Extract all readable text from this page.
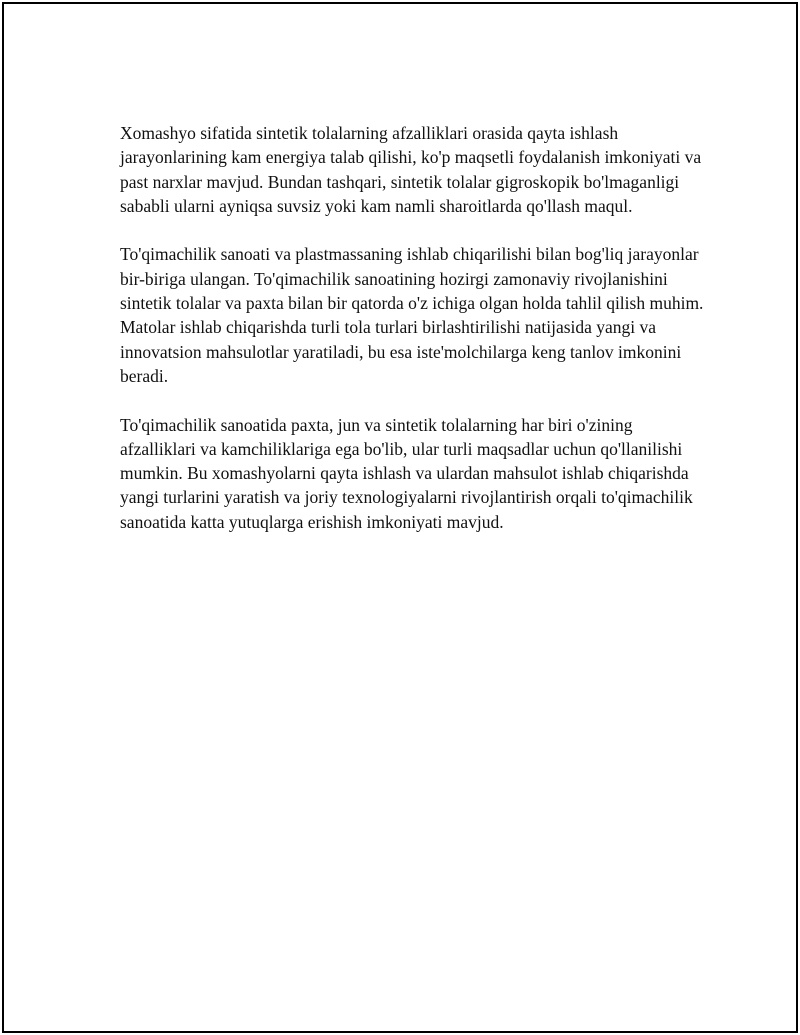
Xomashyo sifatida sintetik tolalarning afzalliklari orasida qayta ishlash jarayonlarining kam energiya talab qilishi, ko'p maqsetli foydalanish imkoniyati va past narxlar mavjud. Bundan tashqari, sintetik tolalar gigroskopik bo'lmaganligi sababli ularni ayniqsa suvsiz yoki kam namli sharoitlarda qo'llash maqul.

To'qimachilik sanoati va plastmassaning ishlab chiqarilishi bilan bog'liq jarayonlar bir-biriga ulangan. To'qimachilik sanoatining hozirgi zamonaviy rivojlanishini sintetik tolalar va paxta bilan bir qatorda o'z ichiga olgan holda tahlil qilish muhim. Matolar ishlab chiqarishda turli tola turlari birlashtirilishi natijasida yangi va innovatsion mahsulotlar yaratiladi, bu esa iste'molchilarga keng tanlov imkonini beradi.

To'qimachilik sanoatida paxta, jun va sintetik tolalarning har biri o'zining afzalliklari va kamchiliklariga ega bo'lib, ular turli maqsadlar uchun qo'llanilishi mumkin. Bu xomashyolarni qayta ishlash va ulardan mahsulot ishlab chiqarishda yangi turlarini yaratish va joriy texnologiyalarni rivojlantirish orqali to'qimachilik sanoatida katta yutuqlarga erishish imkoniyati mavjud.
